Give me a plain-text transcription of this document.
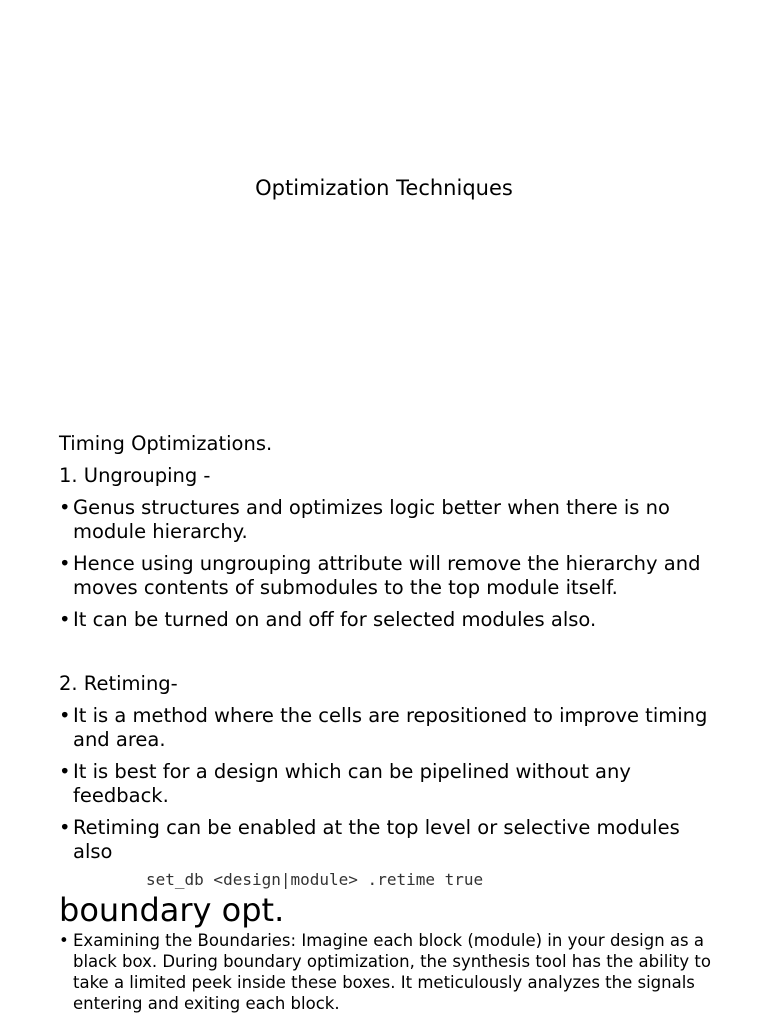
Optimization Techniques

Timing Optimizations.

1. Ungrouping -

• Genus structures and optimizes logic better when there is no module hierarchy.
• Hence using ungrouping attribute will remove the hierarchy and moves contents of submodules to the top module itself.
• It can be turned on and off for selected modules also.

2. Retiming-

• It is a method where the cells are repositioned to improve timing and area.
• It is best for a design which can be pipelined without any feedback.
• Retiming can be enabled at the top level or selective modules also
set_db <design|module> .retime true
boundary opt.
• Examining the Boundaries: Imagine each block (module) in your design as a black box. During boundary optimization, the synthesis tool has the ability to take a limited peek inside these boxes. It meticulously analyzes the signals entering and exiting each block.
